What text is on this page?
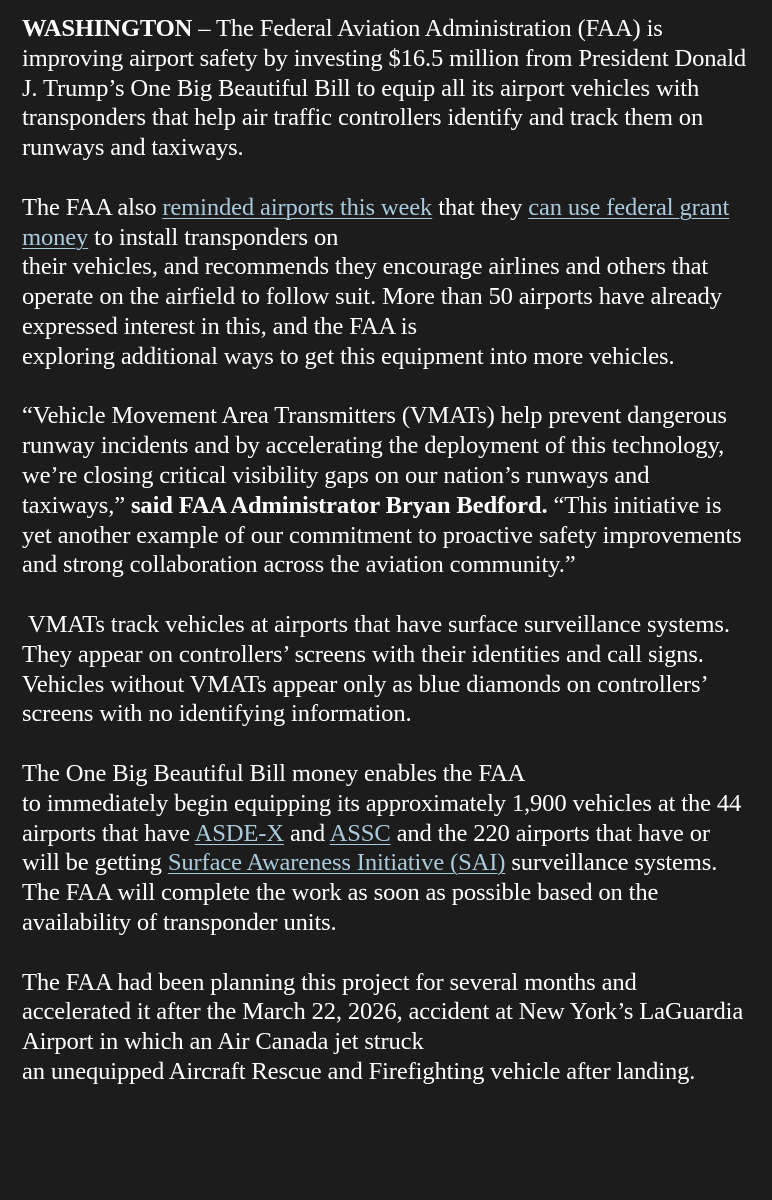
WASHINGTON – The Federal Aviation Administration (FAA) is improving airport safety by investing $16.5 million from President Donald J. Trump’s One Big Beautiful Bill to equip all its airport vehicles with transponders that help air traffic controllers identify and track them on runways and taxiways.

The FAA also reminded airports this week that they can use federal grant money to install transponders on
their vehicles, and recommends they encourage airlines and others that operate on the airfield to follow suit. More than 50 airports have already expressed interest in this, and the FAA is
exploring additional ways to get this equipment into more vehicles.

“Vehicle Movement Area Transmitters (VMATs) help prevent dangerous runway incidents and by accelerating the deployment of this technology, we’re closing critical visibility gaps on our nation’s runways and taxiways,” said FAA Administrator Bryan Bedford. “This initiative is yet another example of our commitment to proactive safety improvements and strong collaboration across the aviation community.”

VMATs track vehicles at airports that have surface surveillance systems. They appear on controllers’ screens with their identities and call signs. Vehicles without VMATs appear only as blue diamonds on controllers’ screens with no identifying information.

The One Big Beautiful Bill money enables the FAA
to immediately begin equipping its approximately 1,900 vehicles at the 44 airports that have ASDE-X and ASSC and the 220 airports that have or will be getting Surface Awareness Initiative (SAI) surveillance systems. The FAA will complete the work as soon as possible based on the availability of transponder units.

The FAA had been planning this project for several months and accelerated it after the March 22, 2026, accident at New York’s LaGuardia Airport in which an Air Canada jet struck
an unequipped Aircraft Rescue and Firefighting vehicle after landing.
